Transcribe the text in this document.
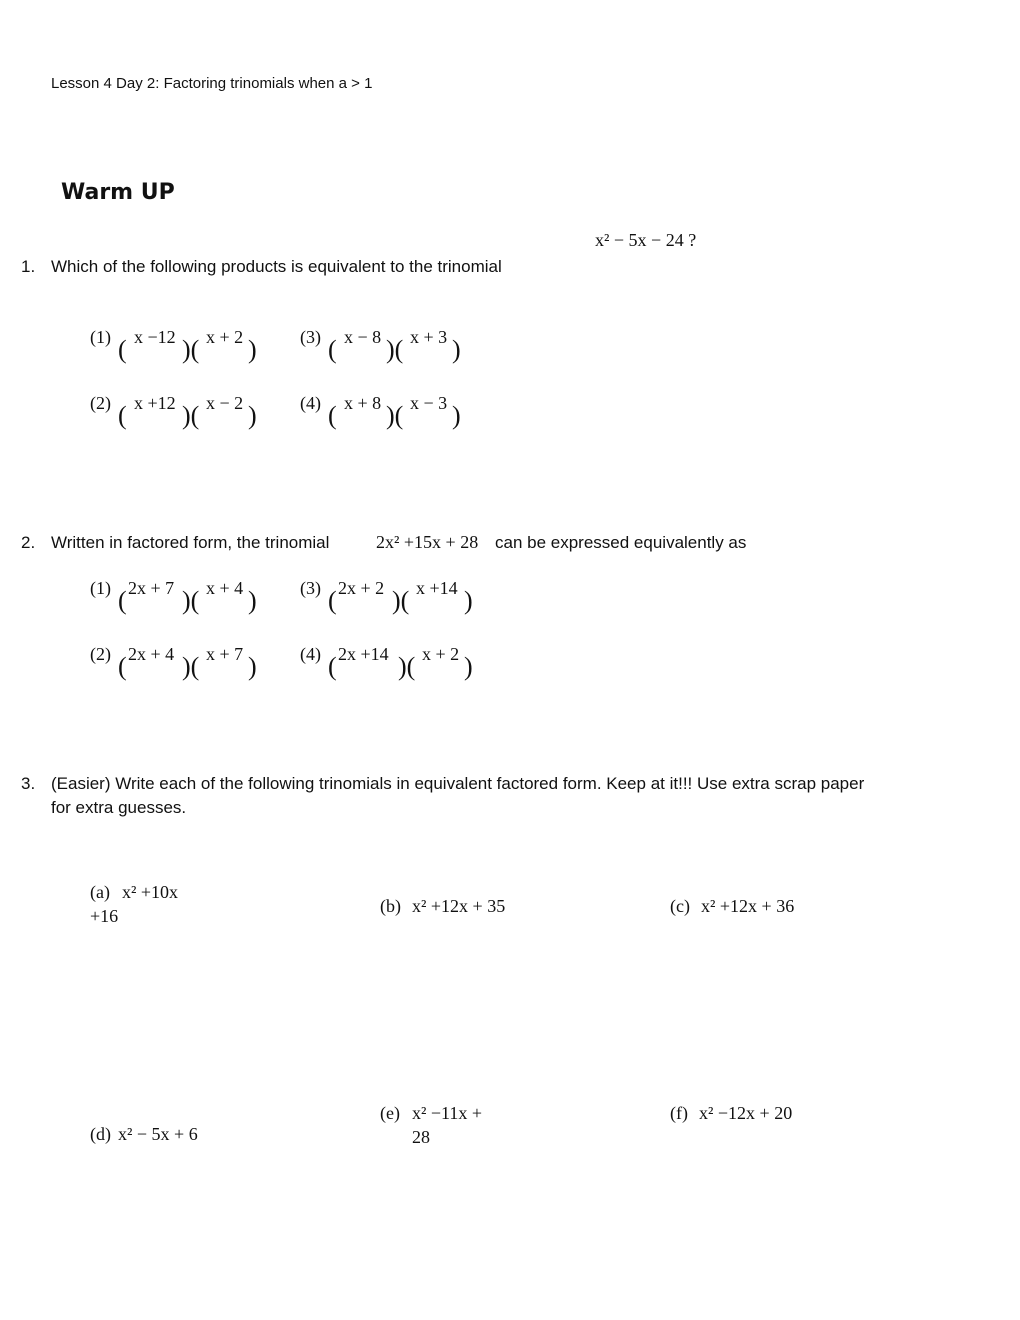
Lesson 4 Day 2: Factoring trinomials when a > 1
Warm UP
x² − 5x − 24 ?
1. Which of the following products is equivalent to the trinomial
(1) ( x −12 )( x + 2 ) (3) ( x − 8 )( x + 3 )
(2) ( x +12 )( x − 2 ) (4) ( x + 8 )( x − 3 )
2. Written in factored form, the trinomial	2x² +15x + 28 can be expressed equivalently as
(1) ( 2x + 7 )( x + 4 ) (3) ( 2x + 2 )( x +14 )
(2) ( 2x + 4 )( x + 7 ) (4) ( 2x +14 )( x + 2 )
3. (Easier) Write each of the following trinomials in equivalent factored form. Keep at it!!! Use extra scrap paper
for extra guesses.
(a) x² +10x
+16	(b) x² +12x + 35	(c) x² +12x + 36
(d) x² − 5x + 6
(e) x² −11x +
28
(f) x² −12x + 20
